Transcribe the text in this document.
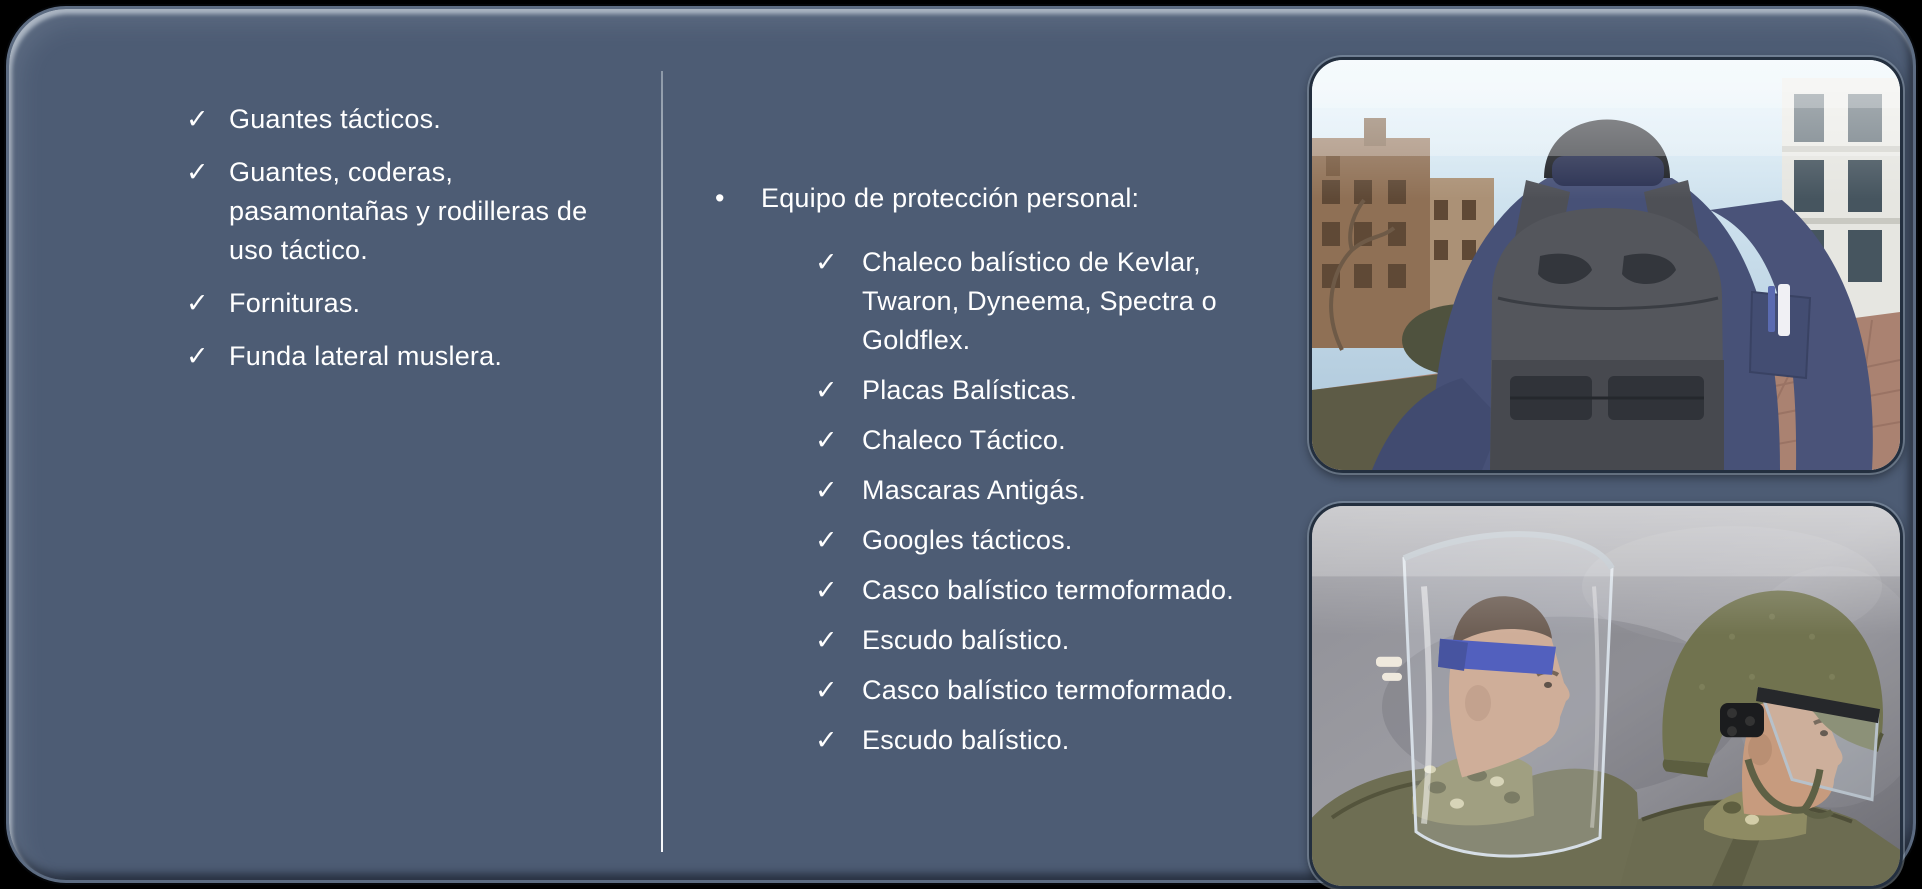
✓ Guantes tácticos.
✓ Guantes, coderas, pasamontañas y rodilleras de uso táctico.
✓ Fornituras.
✓ Funda lateral muslera.
•	Equipo de protección personal:
✓ Chaleco balístico de Kevlar, Twaron, Dyneema, Spectra o Goldflex.
✓ Placas Balísticas.
✓ Chaleco Táctico.
✓ Mascaras Antigás.
✓ Googles tácticos.
✓ Casco balístico termoformado.
✓ Escudo balístico.
✓ Casco balístico termoformado.
✓ Escudo balístico.
